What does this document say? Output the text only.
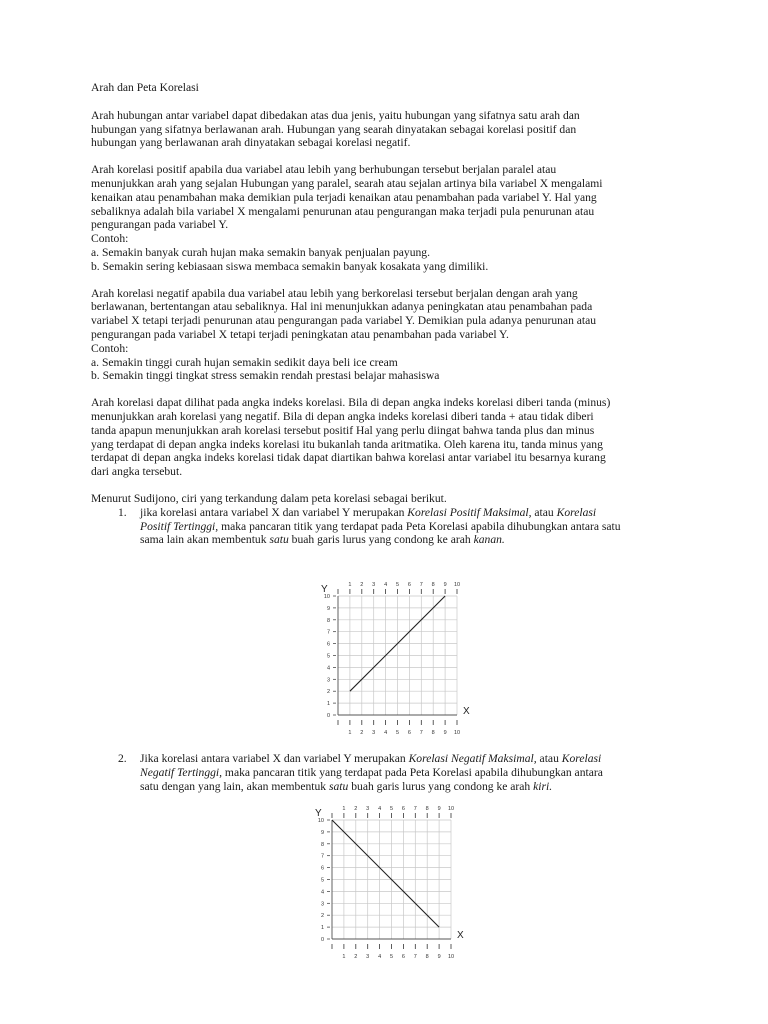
Arah dan Peta Korelasi

Arah hubungan antar variabel dapat dibedakan atas dua jenis, yaitu hubungan yang sifatnya satu arah dan

hubungan yang sifatnya berlawanan arah. Hubungan yang searah dinyatakan sebagai korelasi positif dan

hubungan yang berlawanan arah dinyatakan sebagai korelasi negatif.

Arah korelasi positif apabila dua variabel atau lebih yang berhubungan tersebut berjalan paralel atau

menunjukkan arah yang sejalan Hubungan yang paralel, searah atau sejalan artinya bila variabel X mengalami

kenaikan atau penambahan maka demikian pula terjadi kenaikan atau penambahan pada variabel Y. Hal yang

sebaliknya adalah bila variabel X mengalami penurunan atau pengurangan maka terjadi pula penurunan atau

pengurangan pada variabel Y.

Contoh:

a. Semakin banyak curah hujan maka semakin banyak penjualan payung.

b. Semakin sering kebiasaan siswa membaca semakin banyak kosakata yang dimiliki.

Arah korelasi negatif apabila dua variabel atau lebih yang berkorelasi tersebut berjalan dengan arah yang

berlawanan, bertentangan atau sebaliknya. Hal ini menunjukkan adanya peningkatan atau penambahan pada

variabel X tetapi terjadi penurunan atau pengurangan pada variabel Y. Demikian pula adanya penurunan atau

pengurangan pada variabel X tetapi terjadi peningkatan atau penambahan pada variabel Y.

Contoh:

a. Semakin tinggi curah hujan semakin sedikit daya beli ice cream

b. Semakin tinggi tingkat stress semakin rendah prestasi belajar mahasiswa

Arah korelasi dapat dilihat pada angka indeks korelasi. Bila di depan angka indeks korelasi diberi tanda (minus)

menunjukkan arah korelasi yang negatif. Bila di depan angka indeks korelasi diberi tanda + atau tidak diberi

tanda apapun menunjukkan arah korelasi tersebut positif Hal yang perlu diingat bahwa tanda plus dan minus

yang terdapat di depan angka indeks korelasi itu bukanlah tanda aritmatika. Oleh karena itu, tanda minus yang

terdapat di depan angka indeks korelasi tidak dapat diartikan bahwa korelasi antar variabel itu besarnya kurang

dari angka tersebut.

Menurut Sudijono, ciri yang terkandung dalam peta korelasi sebagai berikut.

1. jika korelasi antara variabel X dan variabel Y merupakan Korelasi Positif Maksimal, atau Korelasi

Positif Tertinggi, maka pancaran titik yang terdapat pada Peta Korelasi apabila dihubungkan antara satu

sama lain akan membentuk satu buah garis lurus yang condong ke arah kanan.

2. Jika korelasi antara variabel X dan variabel Y merupakan Korelasi Negatif Maksimal, atau Korelasi

Negatif Tertinggi, maka pancaran titik yang terdapat pada Peta Korelasi apabila dihubungkan antara

satu dengan yang lain, akan membentuk satu buah garis lurus yang condong ke arah kiri.

0
1
2
3
4
5
6
7
8
9
10
1
1
2
2
3
3
4
4
5
5
6
6
7
7
8
8
9
9
10
10
Y
X
0
1
2
3
4
5
6
7
8
9
10
1
1
2
2
3
3
4
4
5
5
6
6
7
7
8
8
9
9
10
10
Y
X
